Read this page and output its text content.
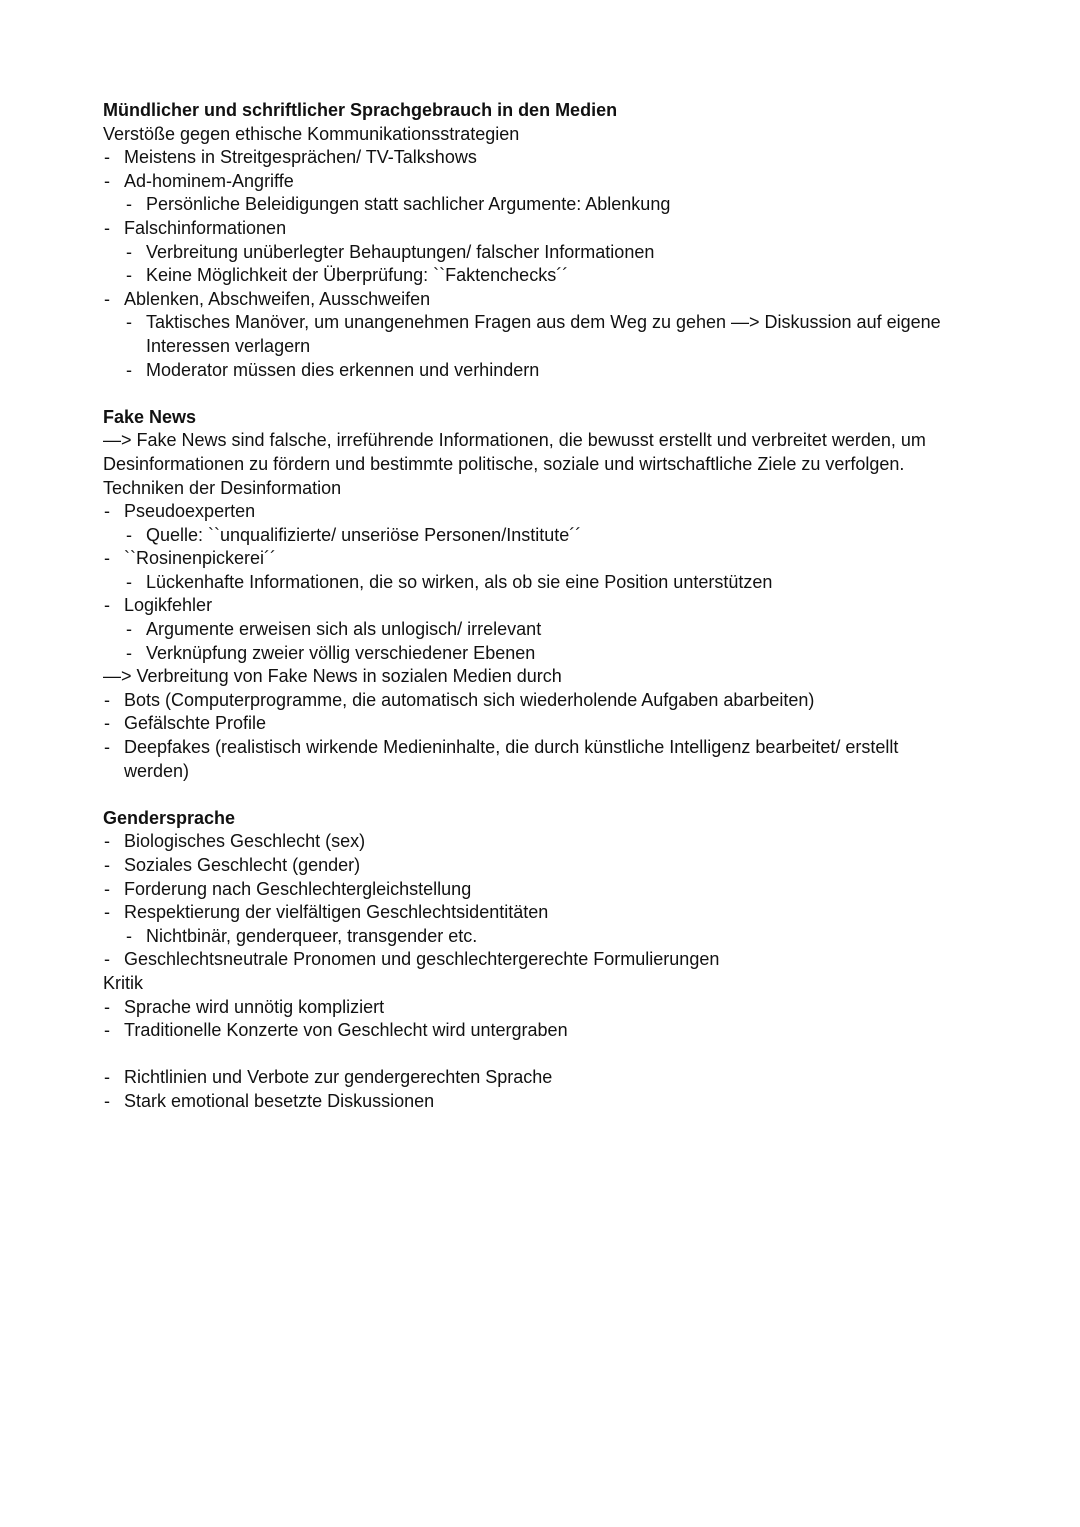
Mündlicher und schriftlicher Sprachgebrauch in den Medien
Verstöße gegen ethische Kommunikationsstrategien
- Meistens in Streitgesprächen/ TV-Talkshows
- Ad-hominem-Angriffe
- Persönliche Beleidigungen statt sachlicher Argumente: Ablenkung
- Falschinformationen
- Verbreitung unüberlegter Behauptungen/ falscher Informationen
- Keine Möglichkeit der Überprüfung: ``Faktenchecks´´
- Ablenken, Abschweifen, Ausschweifen
- Taktisches Manöver, um unangenehmen Fragen aus dem Weg zu gehen —> Diskussion auf eigene Interessen verlagern
- Moderator müssen dies erkennen und verhindern
Fake News
—> Fake News sind falsche, irreführende Informationen, die bewusst erstellt und verbreitet werden, um Desinformationen zu fördern und bestimmte politische, soziale und wirtschaftliche Ziele zu verfolgen.
Techniken der Desinformation
- Pseudoexperten
- Quelle: ``unqualifizierte/ unseriöse Personen/Institute´´
- ``Rosinenpickerei´´
- Lückenhafte Informationen, die so wirken, als ob sie eine Position unterstützen
- Logikfehler
- Argumente erweisen sich als unlogisch/ irrelevant
- Verknüpfung zweier völlig verschiedener Ebenen
—> Verbreitung von Fake News in sozialen Medien durch
- Bots (Computerprogramme, die automatisch sich wiederholende Aufgaben abarbeiten)
- Gefälschte Profile
- Deepfakes (realistisch wirkende Medieninhalte, die durch künstliche Intelligenz bearbeitet/ erstellt werden)
Gendersprache
- Biologisches Geschlecht (sex)
- Soziales Geschlecht (gender)
- Forderung nach Geschlechtergleichstellung
- Respektierung der vielfältigen Geschlechtsidentitäten
- Nichtbinär, genderqueer, transgender etc.
- Geschlechtsneutrale Pronomen und geschlechtergerechte Formulierungen
Kritik
- Sprache wird unnötig kompliziert
- Traditionelle Konzerte von Geschlecht wird untergraben
- Richtlinien und Verbote zur gendergerechten Sprache
- Stark emotional besetzte Diskussionen
